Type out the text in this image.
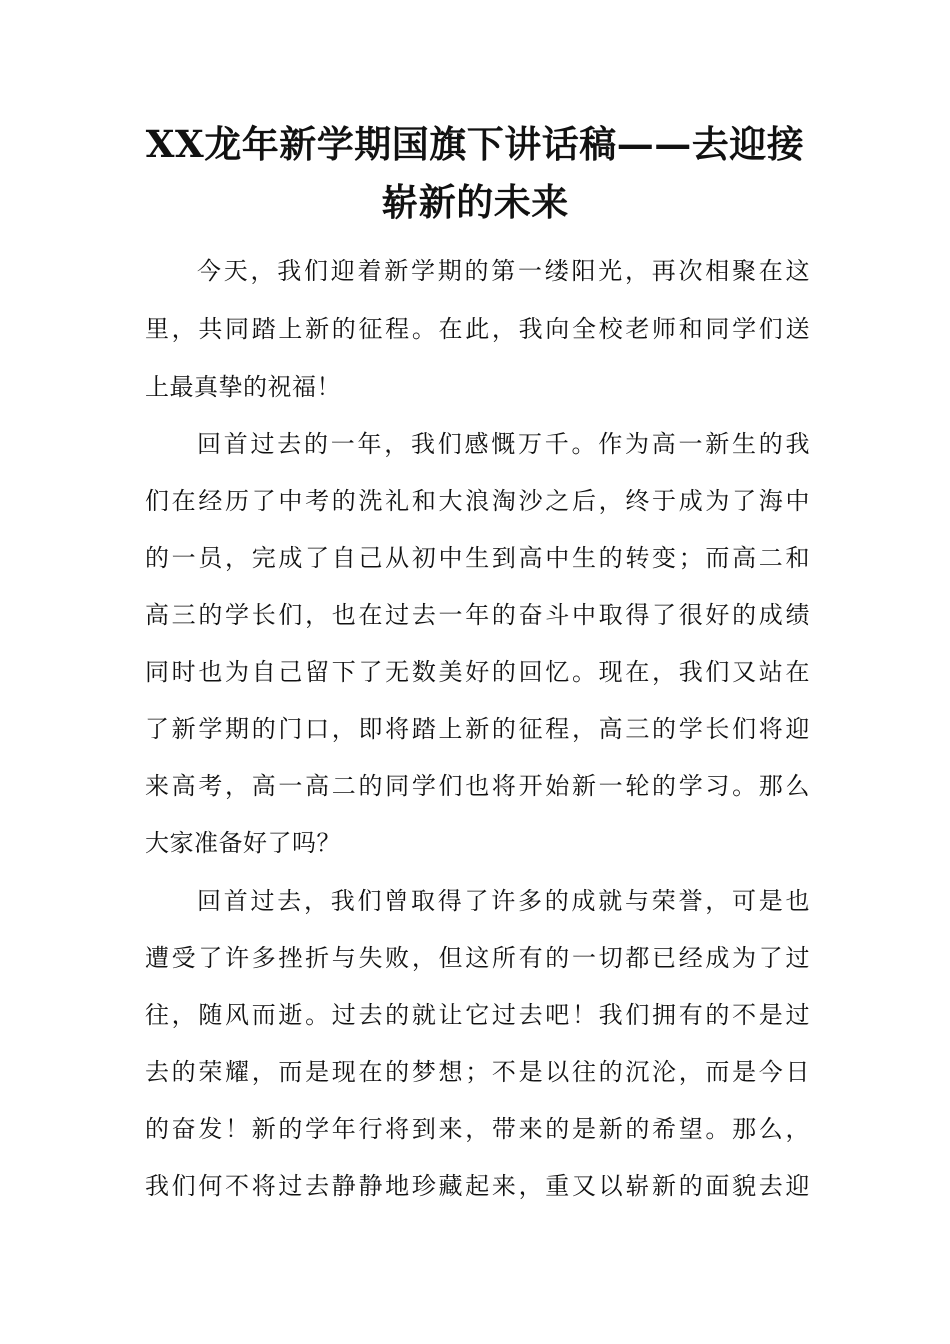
XX龙年新学期国旗下讲话稿——去迎接
崭新的未来
今天，我们迎着新学期的第一缕阳光，再次相聚在这
里，共同踏上新的征程。在此，我向全校老师和同学们送
上最真挚的祝福！
回首过去的一年，我们感慨万千。作为高一新生的我
们在经历了中考的洗礼和大浪淘沙之后，终于成为了海中
的一员，完成了自己从初中生到高中生的转变；而高二和
高三的学长们，也在过去一年的奋斗中取得了很好的成绩
同时也为自己留下了无数美好的回忆。现在，我们又站在
了新学期的门口，即将踏上新的征程，高三的学长们将迎
来高考，高一高二的同学们也将开始新一轮的学习。那么
大家准备好了吗？
回首过去，我们曾取得了许多的成就与荣誉，可是也
遭受了许多挫折与失败，但这所有的一切都已经成为了过
往，随风而逝。过去的就让它过去吧！我们拥有的不是过
去的荣耀，而是现在的梦想；不是以往的沉沦，而是今日
的奋发！新的学年行将到来，带来的是新的希望。那么，
我们何不将过去静静地珍藏起来，重又以崭新的面貌去迎
